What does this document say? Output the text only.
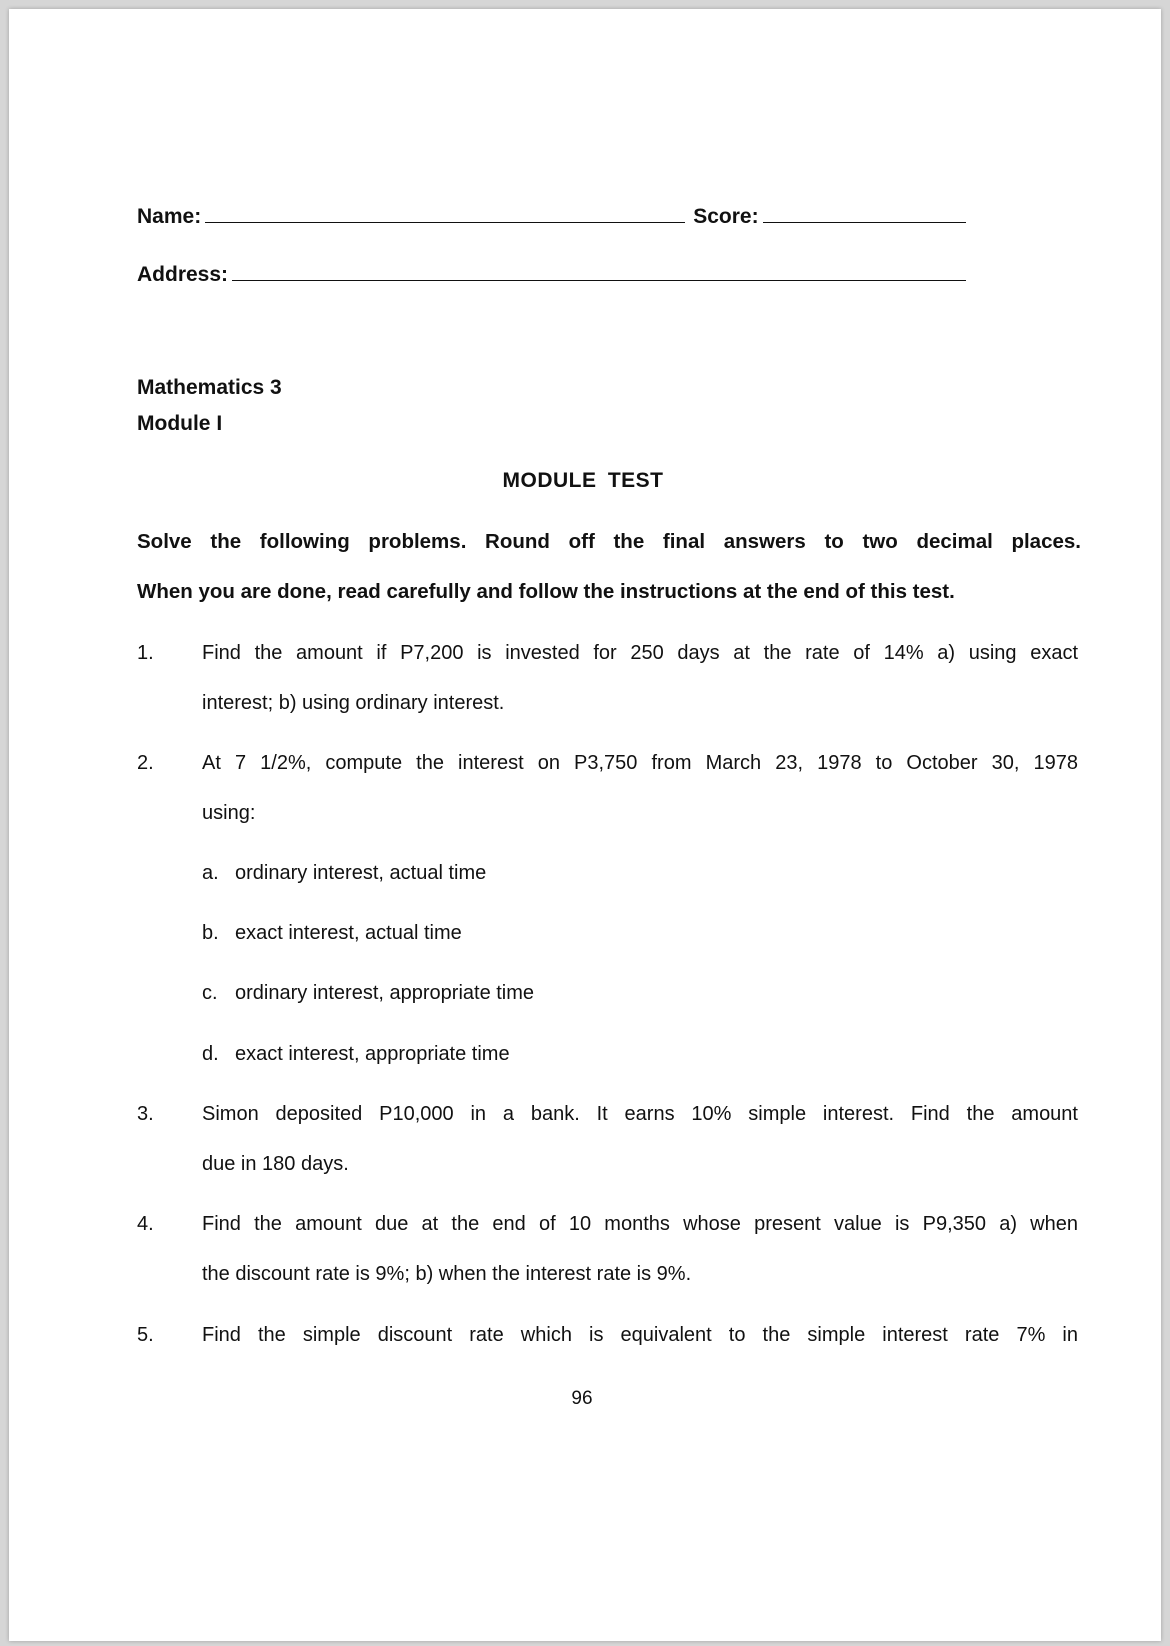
Name:	Score:
Address:
Mathematics 3
Module I
MODULE TEST
Solve the following problems. Round off the final answers to two decimal places.
When you are done, read carefully and follow the instructions at the end of this test.
1. Find the amount if P7,200 is invested for 250 days at the rate of 14% a) using exact
interest; b) using ordinary interest.
2. At 7 1/2%, compute the interest on P3,750 from March 23, 1978 to October 30, 1978
using:
a. ordinary interest, actual time
b. exact interest, actual time
c. ordinary interest, appropriate time
d. exact interest, appropriate time
3. Simon deposited P10,000 in a bank. It earns 10% simple interest. Find the amount
due in 180 days.
4. Find the amount due at the end of 10 months whose present value is P9,350 a) when
the discount rate is 9%; b) when the interest rate is 9%.
5. Find the simple discount rate which is equivalent to the simple interest rate 7% in
96
